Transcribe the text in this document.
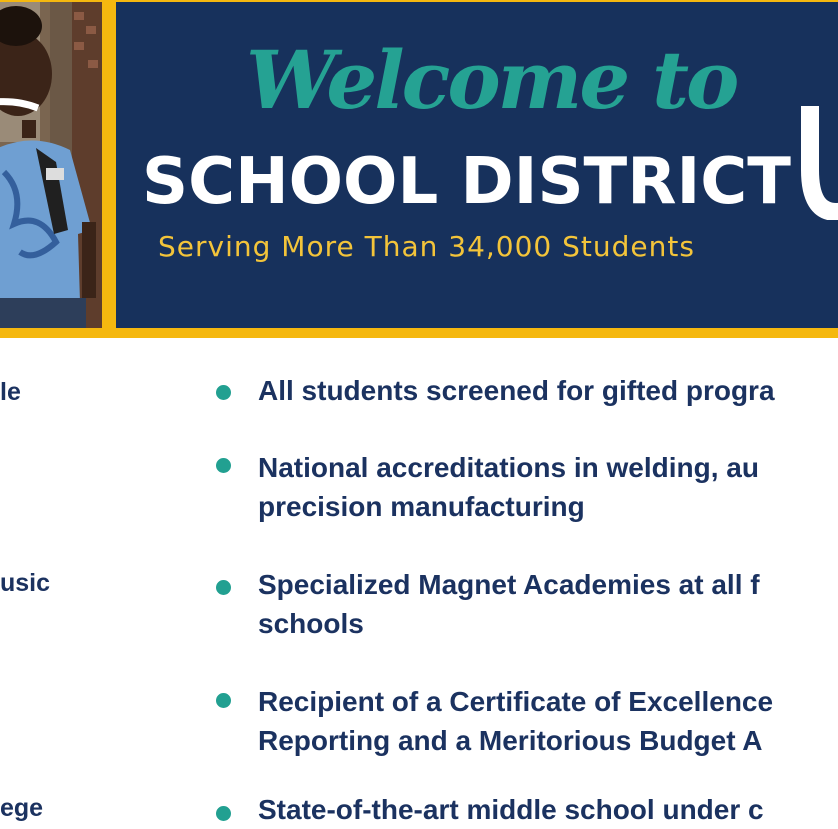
Welcome to
SCHOOL DISTRICT
Serving More Than 34,000 Students
le
usic
ege
All students screened for gifted progra
National accreditations in welding, au
precision manufacturing
Specialized Magnet Academies at all f
schools
Recipient of a Certificate of Excellence
Reporting and a Meritorious Budget A
State-of-the-art middle school under c
